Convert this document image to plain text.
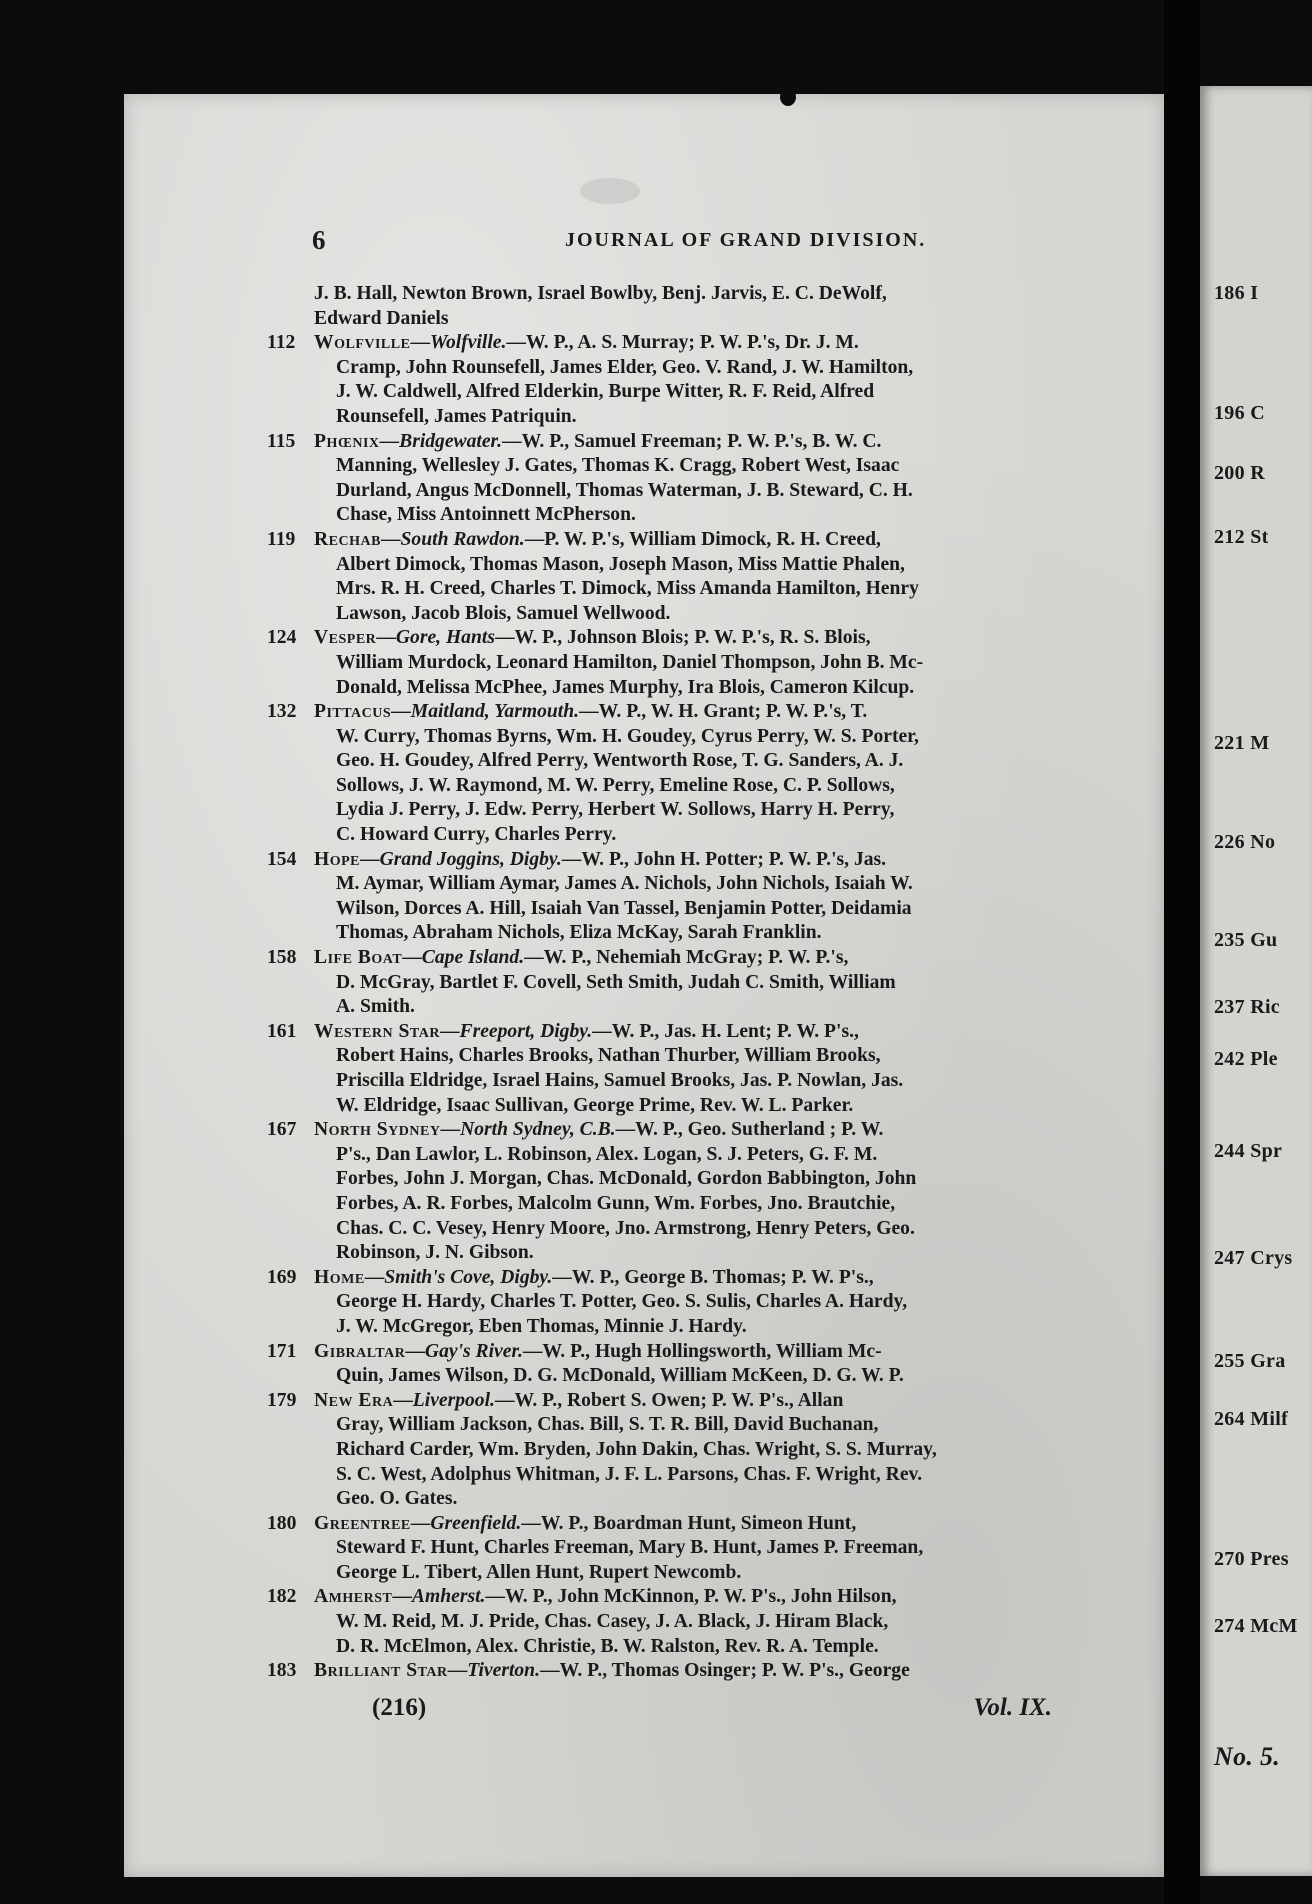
186 I
196 C
200 R
212 St
221 M
226 No
235 Gu
237 Ric
242 Ple
244 Spr
247 Crys
255 Gra
264 Milf
270 Pres
274 McM
No. 5.
6	JOURNAL OF GRAND DIVISION.
J. B. Hall, Newton Brown, Israel Bowlby, Benj. Jarvis, E. C. DeWolf,
Edward Daniels
112 Wolfville—Wolfville.—W. P., A. S. Murray; P. W. P.'s, Dr. J. M.
Cramp, John Rounsefell, James Elder, Geo. V. Rand, J. W. Hamilton,
J. W. Caldwell, Alfred Elderkin, Burpe Witter, R. F. Reid, Alfred
Rounsefell, James Patriquin.
115 Phœnix—Bridgewater.—W. P., Samuel Freeman; P. W. P.'s, B. W. C.
Manning, Wellesley J. Gates, Thomas K. Cragg, Robert West, Isaac
Durland, Angus McDonnell, Thomas Waterman, J. B. Steward, C. H.
Chase, Miss Antoinnett McPherson.
119 Rechab—South Rawdon.—P. W. P.'s, William Dimock, R. H. Creed,
Albert Dimock, Thomas Mason, Joseph Mason, Miss Mattie Phalen,
Mrs. R. H. Creed, Charles T. Dimock, Miss Amanda Hamilton, Henry
Lawson, Jacob Blois, Samuel Wellwood.
124 Vesper—Gore, Hants—W. P., Johnson Blois; P. W. P.'s, R. S. Blois,
William Murdock, Leonard Hamilton, Daniel Thompson, John B. Mc-
Donald, Melissa McPhee, James Murphy, Ira Blois, Cameron Kilcup.
132 Pittacus—Maitland, Yarmouth.—W. P., W. H. Grant; P. W. P.'s, T.
W. Curry, Thomas Byrns, Wm. H. Goudey, Cyrus Perry, W. S. Porter,
Geo. H. Goudey, Alfred Perry, Wentworth Rose, T. G. Sanders, A. J.
Sollows, J. W. Raymond, M. W. Perry, Emeline Rose, C. P. Sollows,
Lydia J. Perry, J. Edw. Perry, Herbert W. Sollows, Harry H. Perry,
C. Howard Curry, Charles Perry.
154 Hope—Grand Joggins, Digby.—W. P., John H. Potter; P. W. P.'s, Jas.
M. Aymar, William Aymar, James A. Nichols, John Nichols, Isaiah W.
Wilson, Dorces A. Hill, Isaiah Van Tassel, Benjamin Potter, Deidamia
Thomas, Abraham Nichols, Eliza McKay, Sarah Franklin.
158 Life Boat—Cape Island.—W. P., Nehemiah McGray; P. W. P.'s,
D. McGray, Bartlet F. Covell, Seth Smith, Judah C. Smith, William
A. Smith.
161 Western Star—Freeport, Digby.—W. P., Jas. H. Lent; P. W. P's.,
Robert Hains, Charles Brooks, Nathan Thurber, William Brooks,
Priscilla Eldridge, Israel Hains, Samuel Brooks, Jas. P. Nowlan, Jas.
W. Eldridge, Isaac Sullivan, George Prime, Rev. W. L. Parker.
167 North Sydney—North Sydney, C.B.—W. P., Geo. Sutherland ; P. W.
P's., Dan Lawlor, L. Robinson, Alex. Logan, S. J. Peters, G. F. M.
Forbes, John J. Morgan, Chas. McDonald, Gordon Babbington, John
Forbes, A. R. Forbes, Malcolm Gunn, Wm. Forbes, Jno. Brautchie,
Chas. C. C. Vesey, Henry Moore, Jno. Armstrong, Henry Peters, Geo.
Robinson, J. N. Gibson.
169 Home—Smith's Cove, Digby.—W. P., George B. Thomas; P. W. P's.,
George H. Hardy, Charles T. Potter, Geo. S. Sulis, Charles A. Hardy,
J. W. McGregor, Eben Thomas, Minnie J. Hardy.
171 Gibraltar—Gay's River.—W. P., Hugh Hollingsworth, William Mc-
Quin, James Wilson, D. G. McDonald, William McKeen, D. G. W. P.
179 New Era—Liverpool.—W. P., Robert S. Owen; P. W. P's., Allan
Gray, William Jackson, Chas. Bill, S. T. R. Bill, David Buchanan,
Richard Carder, Wm. Bryden, John Dakin, Chas. Wright, S. S. Murray,
S. C. West, Adolphus Whitman, J. F. L. Parsons, Chas. F. Wright, Rev.
Geo. O. Gates.
180 Greentree—Greenfield.—W. P., Boardman Hunt, Simeon Hunt,
Steward F. Hunt, Charles Freeman, Mary B. Hunt, James P. Freeman,
George L. Tibert, Allen Hunt, Rupert Newcomb.
182 Amherst—Amherst.—W. P., John McKinnon, P. W. P's., John Hilson,
W. M. Reid, M. J. Pride, Chas. Casey, J. A. Black, J. Hiram Black,
D. R. McElmon, Alex. Christie, B. W. Ralston, Rev. R. A. Temple.
183 Brilliant Star—Tiverton.—W. P., Thomas Osinger; P. W. P's., George
(216)	Vol. IX.
